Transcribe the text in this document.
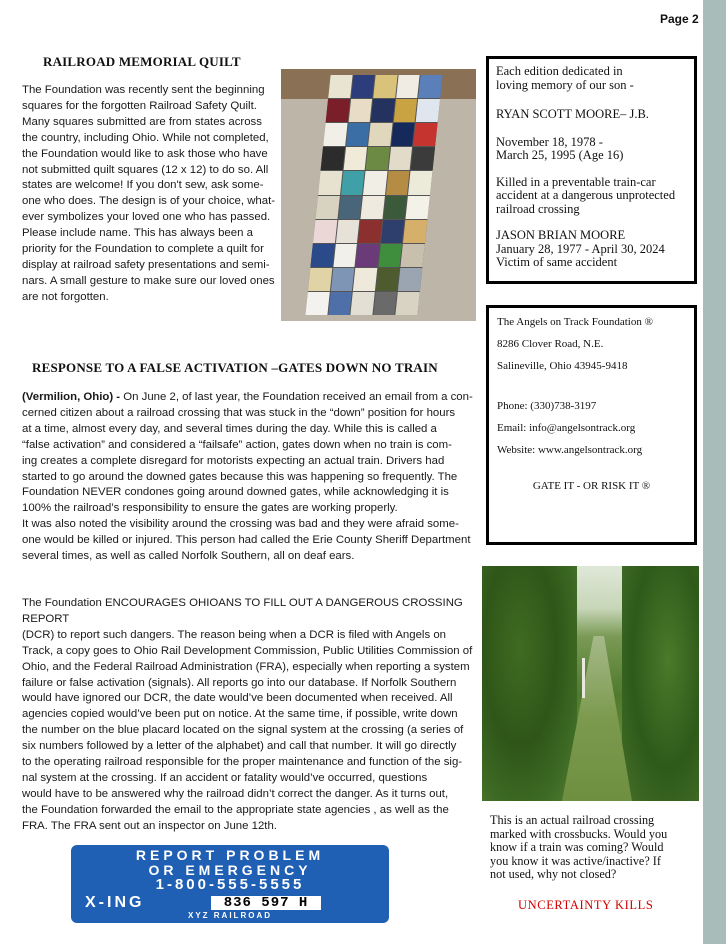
Page 2
RAILROAD MEMORIAL QUILT

The Foundation was recently sent the beginning
squares for the forgotten Railroad Safety Quilt.
Many squares submitted are from states across
the country, including Ohio. While not completed,
the Foundation would like to ask those who have
not submitted quilt squares (12 x 12) to do so. All
states are welcome! If you don't sew, ask some-
one who does. The design is of your choice, what-
ever symbolizes your loved one who has passed.
Please include name. This has always been a
priority for the Foundation to complete a quilt for
display at railroad safety presentations and semi-
nars. A small gesture to make sure our loved ones
are not forgotten.

Each edition dedicated in
loving memory of our son -

RYAN SCOTT MOORE– J.B.

November 18, 1978 -
March 25, 1995 (Age 16)

Killed in a preventable train-car
accident at a dangerous unprotected
railroad crossing

JASON BRIAN MOORE

January 28, 1977 - April 30, 2024

Victim of same accident

The Angels on Track Foundation ®

8286 Clover Road, N.E.

Salineville, Ohio 43945-9418

Phone: (330)738-3197

Email: info@angelsontrack.org

Website: www.angelsontrack.org

GATE IT - OR RISK IT ®

RESPONSE TO A FALSE ACTIVATION –GATES DOWN NO TRAIN

(Vermilion, Ohio) - On June 2, of last year, the Foundation received an email from a con-
cerned citizen about a railroad crossing that was stuck in the “down” position for hours
at a time, almost every day, and several times during the day. While this is called a
“false activation” and considered a “failsafe” action, gates down when no train is com-
ing creates a complete disregard for motorists expecting an actual train. Drivers had
started to go around the downed gates because this was happening so frequently. The
Foundation NEVER condones going around downed gates, while acknowledging it is
100% the railroad’s responsibility to ensure the gates are working properly.
It was also noted the visibility around the crossing was bad and they were afraid some-
one would be killed or injured. This person had called the Erie County Sheriff Department
several times, as well as called Norfolk Southern, all on deaf ears.

The Foundation ENCOURAGES OHIOANS TO FILL OUT A DANGEROUS CROSSING REPORT
(DCR) to report such dangers. The reason being when a DCR is filed with Angels on
Track, a copy goes to Ohio Rail Development Commission, Public Utilities Commission of
Ohio, and the Federal Railroad Administration (FRA), especially when reporting a system
failure or false activation (signals). All reports go into our database. If Norfolk Southern
would have ignored our DCR, the date would’ve been documented when received. All
agencies copied would’ve been put on notice. At the same time, if possible, write down
the number on the blue placard located on the signal system at the crossing (a series of
six numbers followed by a letter of the alphabet) and call that number. It will go directly
to the operating railroad responsible for the proper maintenance and function of the sig-
nal system at the crossing. If an accident or fatality would’ve occurred, questions
would have to be answered why the railroad didn’t correct the danger. As it turns out,
the Foundation forwarded the email to the appropriate state agencies , as well as the
FRA. The FRA sent out an inspector on June 12th.

REPORT PROBLEM
OR EMERGENCY
1-800-555-5555
X-ING	836 597 H
XYZ RAILROAD

This is an actual railroad crossing
marked with crossbucks. Would you
know if a train was coming? Would
you know it was active/inactive? If
not used, why not closed?

UNCERTAINTY KILLS
